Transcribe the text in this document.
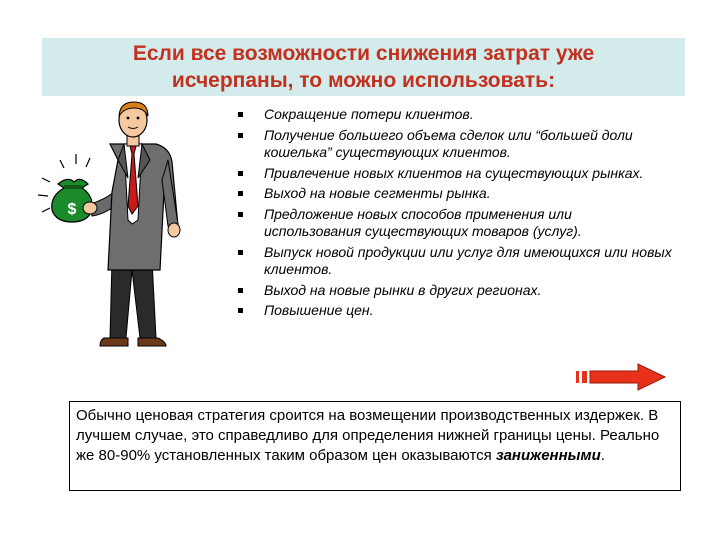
Если все возможности снижения затрат уже исчерпаны, то можно использовать:
$
Сокращение потери клиентов.
Получение большего объема сделок или “большей доли кошелька” существующих клиентов.
Привлечение новых клиентов на существующих рынках.
Выход на новые сегменты рынка.
Предложение новых способов применения или использования существующих товаров (услуг).
Выпуск новой продукции или услуг для имеющихся или новых клиентов.
Выход на новые рынки в других регионах.
Повышение цен.
Обычно ценовая стратегия сроится на возмещении производственных издержек. В лучшем случае, это справедливо для определения нижней границы цены. Реально же 80-90% установленных таким образом цен оказываются заниженными.
